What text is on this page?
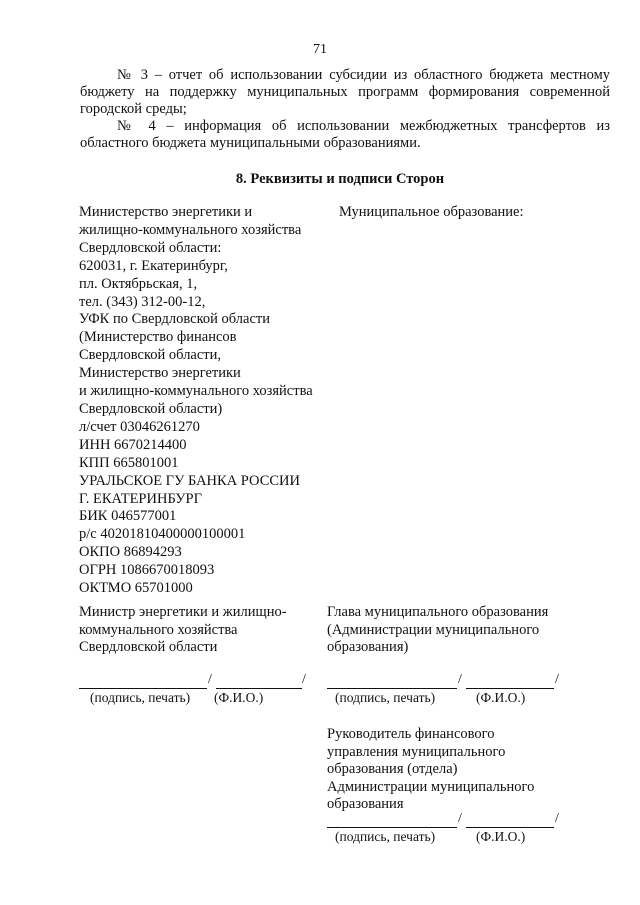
71
№ 3 – отчет об использовании субсидии из областного бюджета местному
бюджету на поддержку муниципальных программ формирования современной
городской среды;
№ 4 – информация об использовании межбюджетных трансфертов из
областного бюджета муниципальными образованиями.
8. Реквизиты и подписи Сторон
Министерство энергетики и
жилищно-коммунального хозяйства
Свердловской области:
620031, г. Екатеринбург,
пл. Октябрьская, 1,
тел. (343) 312-00-12,
УФК по Свердловской области
(Министерство финансов
Свердловской области,
Министерство энергетики
и жилищно-коммунального хозяйства
Свердловской области)
л/счет 03046261270
ИНН 6670214400
КПП 665801001
УРАЛЬСКОЕ ГУ БАНКА РОССИИ
Г. ЕКАТЕРИНБУРГ
БИК 046577001
р/с 40201810400000100001
ОКПО 86894293
ОГРН 1086670018093
ОКТМО 65701000
Муниципальное образование:
Министр энергетики и жилищно-
коммунального хозяйства
Свердловской области
/	/
(подпись, печать) (Ф.И.О.)
Глава муниципального образования
(Администрации муниципального
образования)
/	/
(подпись, печать)	(Ф.И.О.)
Руководитель финансового
управления муниципального
образования (отдела)
Администрации муниципального
образования
/	/
(подпись, печать)	(Ф.И.О.)
